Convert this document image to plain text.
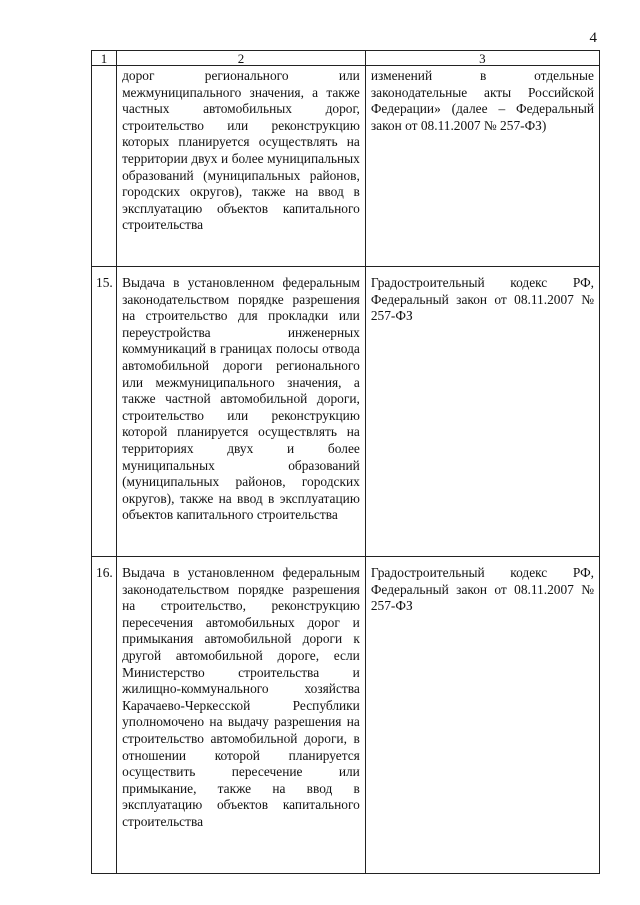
4
1	2	3
	дорог регионального или межмуниципального значения, а также частных автомобильных дорог, строительство или реконструкцию которых планируется осуществлять на территории двух и более муниципальных образований (муниципальных районов, городских округов), также на ввод в эксплуатацию объектов капитального строительства	изменений в отдельные законодательные акты Российской Федерации» (далее – Федеральный закон от 08.11.2007 № 257-ФЗ)
15.	Выдача в установленном федеральным законодательством порядке разрешения на строительство для прокладки или переустройства инженерных коммуникаций в границах полосы отвода автомобильной дороги регионального или межмуниципального значения, а также частной автомобильной дороги, строительство или реконструкцию которой планируется осуществлять на территориях двух и более муниципальных образований (муниципальных районов, городских округов), также на ввод в эксплуатацию объектов капитального строительства	Градостроительный кодекс РФ, Федеральный закон от 08.11.2007 № 257-ФЗ
16.	Выдача в установленном федеральным законодательством порядке разрешения на строительство, реконструкцию пересечения автомобильных дорог и примыкания автомобильной дороги к другой автомобильной дороге, если Министерство строительства и жилищно-коммунального хозяйства Карачаево-Черкесской Республики уполномочено на выдачу разрешения на строительство автомобильной дороги, в отношении которой планируется осуществить пересечение или примыкание, также на ввод в эксплуатацию объектов капитального строительства	Градостроительный кодекс РФ, Федеральный закон от 08.11.2007 № 257-ФЗ
